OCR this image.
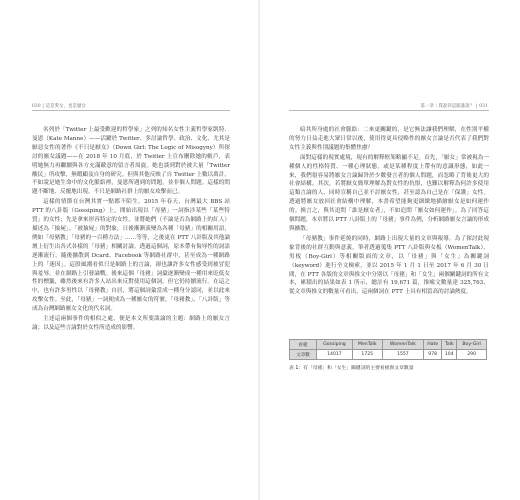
030 | 這是愛女，也是厭女

名列於「Twitter 上最受歡迎的哲學家」之列的知名女性主義哲學家凱特．曼恩（Kate Manne）——活躍於 Twitter、多討論哲學、政治、文化、尤其是厭惡女性的著作《不只是厭女》（Down Girl: The Logic of Misogyny）所探討的厭女議題——在 2018 年 10 月底，於 Twitter 上宣布刪除她的帳戶，表明她無力再繼續與各方充滿敵意的留言者周旋。她也談到對於被大量「Twitter 酸民」所攻擊，無暇顧及自身的研究。但與其他反映了自 Twitter 上數以萬計，不如說是她生命中的文化脈絡裡，曼恩所遇到的問題，並非個人問題。這樣的問題不斷地、反覆地出現，不只是網路社群上的厭女攻擊而已。

這樣的情節在台灣其實一點都不陌生。2015 年春天，台灣最大 BBS 站 PTT 的八卦版（Gossiping）上，開始出現以「母豬」一詞指涉某些「某些特質」的女性；先是拿來形容特定的女性，並將她們（不論是否為網路上的紅人）描述為「撿屍」、「被撿屍」的對象，日後漸漸演變為各種「母豬」的相關用語，例如「母豬教」「母豬的一百種方法」……等等，之後更在 PTT 八卦版及其他論壇上衍生出各式各樣的「母豬」相關討論。透過這個詞，原本帶有侮辱性的詞語逐漸流行，隨後擴散到 Dcard、Facebook 等網路社群中，甚至成為一種網路上的「迷因」。這股風潮看似只是網路上的言論，卻也讓許多女性感受到被冒犯與羞辱，並在網路上引發論戰。後來這個「母豬」詞彙逐漸變成一種用來貶低女性的標籤，雖然後來有許多人站出來反對使用這個詞，但它仍持續流行。在這之中，也有許多男性以「母豬教」自居，將這個詞彙當成一種身分認同，並以此來攻擊女性。至此，「母豬」一詞便成為一種厭女的符號。「母豬教」、「八卦版」等成為台灣網路厭女文化的代名詞。

主述這兩個事件的相似之處，便是本文所要談論的主題：網路上的厭女言論；以及這些言論對於女性所造成的影響。

第一章｜我說你這跟誰說？ | 031

暗其所身處的社會脈絡：二來更關鍵的，是它無法讓我們理解，在性別平權的努力日益走進大眾日常以後，使用得更具侵略性的厭女言論是否代表了我們對女性主義與性別議題的集體焦慮？

面對這樣的現實處境，現有的解釋框架略顯不足。首先，「厭女」常被視為一種個人的性格特質、一種心理狀態，或是某種程度上帶有的意識形態，如此一來，我們很容易將厭女言論歸咎於少數發言者的個人問題，而忽略了背後更大的社會結構。其次，若將厭女簡單理解為對女性的仇恨，也難以解釋為何許多使用這類言論的人，同時宣稱自己並不討厭女性，甚至認為自己是在「保護」女性。透過將厭女放回社會結構中理解，本書希望能夠更細緻地描繪厭女是如何運作的。換言之，與其追問「誰是厭女者」，不如追問「厭女如何運作」。為了回答這個問題，本章將以 PTT 八卦版上的「母豬」事件為例，分析網路厭女言論的形成與擴散。

「母豬教」事件延燒的同時，網路上出現大量的文章與報導。為了探討此現象背後的社群互動與意義，筆者透過蒐集 PTT 八卦版與女板（WomenTalk）、男板（Boy-Girl）等相關版面的文章，以「母豬」與「女生」為關鍵詞（keyword）進行全文檢索，並以 2015 年 1 月 1 日至 2017 年 6 月 30 日間，在 PTT 各版的文章與推文中分別以「母豬」和「女生」兩個關鍵詞的所有文本，累積出的結果如表 1 所示，總計有 19,671 篇，推噓文數量達 325,763，從文章與推文的數量可看出，這兩個詞在 PTT 上具有相當高的討論熱度。

看板	Gossiping	MenTalk	WomenTalk	Hate	Talk	Boy-Girl
文章數	14017	1725	1557	978	104	290
表 1：有「母豬」和「女生」關鍵詞的主要看板與文章數量
